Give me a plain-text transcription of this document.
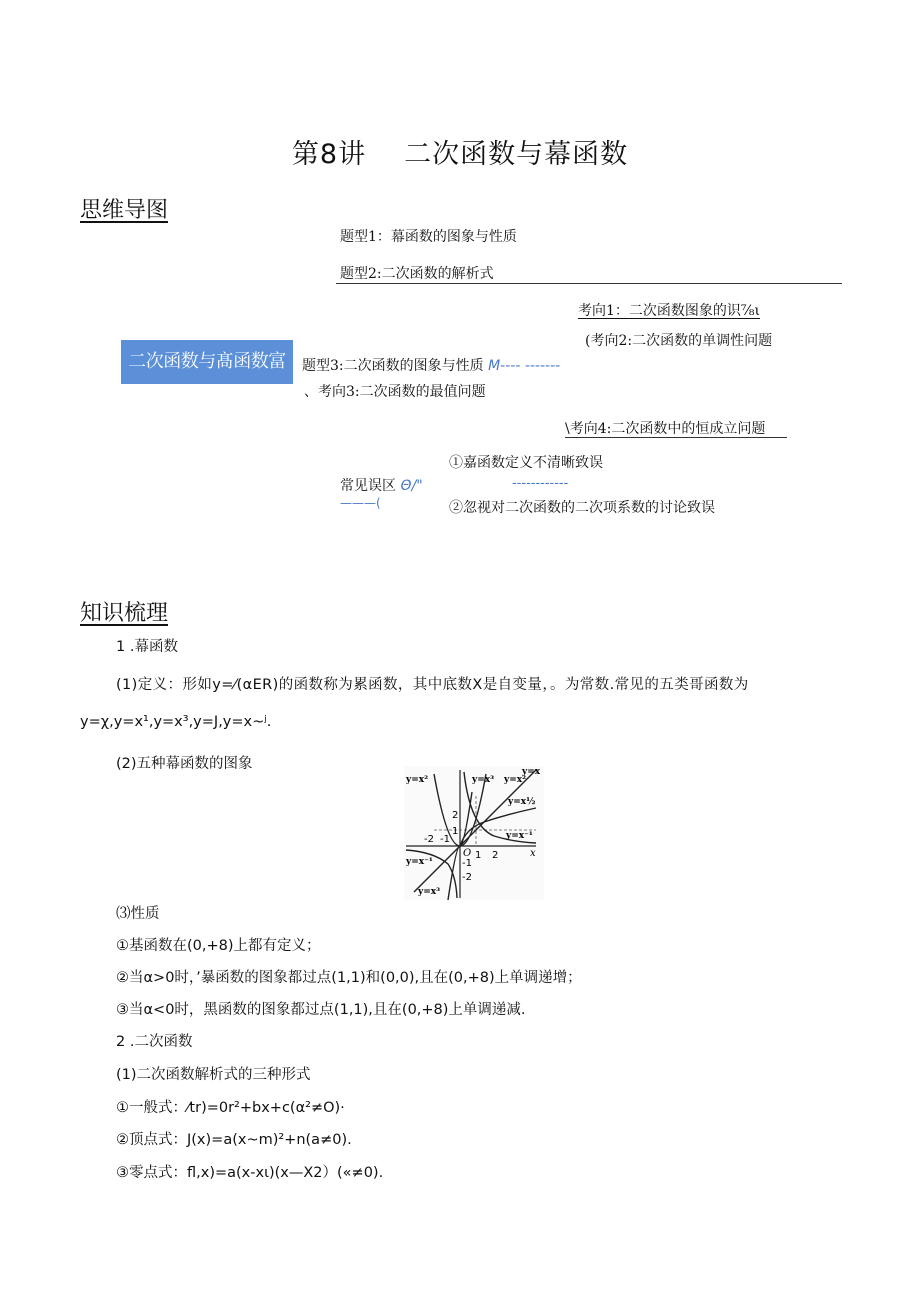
第8讲 二次函数与幕函数
思维导图
题型1：幕函数的图象与性质
题型2:二次函数的解析式
考向1：二次函数图象的识⅞ι
(考向2:二次函数的单调性问题
二次函数与髙函数富	题型3:二次函数的图象与性质 M---- -------
、考向3:二次函数的最值问题
\考向4:二次函数中的恒成立问题
①嘉函数定义不清晰致误
常见误区 Θ/"	------------
———(	②忽视对二次函数的二次项系数的讨论致误
知识梳理
1 .幕函数
(1)定义：形如y=⁄(αER)的函数称为累函数，其中底数X是自变量，。为常数.常见的五类哥函数为
y=χ,y=x¹,y=x³,y=J,y=x~ʲ.
(2)五种幕函数的图象
y=x²	y=x³ y=x²
y=x
y=x½
y=x⁻¹
y=x⁻¹
y=x³
x
O
2
1
-2 -1
1 2
-1
-2
⑶性质
①基函数在(0,+8)上都有定义；
②当α>0时，’暴函数的图象都过点(1,1)和(0,0),且在(0,+8)上单调递增；
③当α<0时，黑函数的图象都过点(1,1),且在(0,+8)上单调递减.
2 .二次函数
(1)二次函数解析式的三种形式
①一般式：⁄tr)=0r²+bx+c(α²≠O)·
②顶点式：J(x)=a(x~m)²+n(a≠0).
③零点式：fl,x)=a(x-xι)(x—X2）(«≠0).
